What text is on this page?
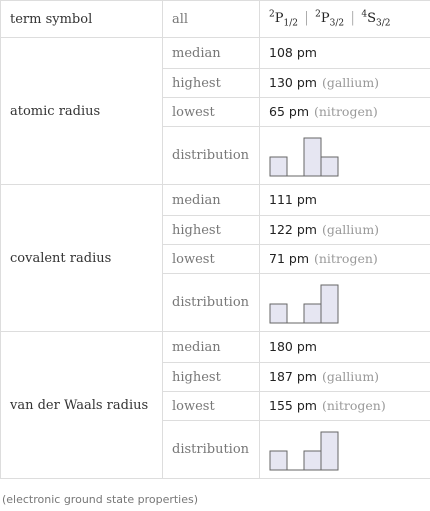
term symbol	all	$^2P_{1/2}$ | $^2P_{3/2}$ | $^4S_{3/2}$
atomic radius	median	108 pm
	highest	130 pm (gallium)
	lowest	65 pm (nitrogen)
	distribution	

covalent radius	median	111 pm
	highest	122 pm (gallium)
	lowest	71 pm (nitrogen)
	distribution	

van der Waals radius	median	180 pm
	highest	187 pm (gallium)
	lowest	155 pm (nitrogen)
	distribution	
(electronic ground state properties)
